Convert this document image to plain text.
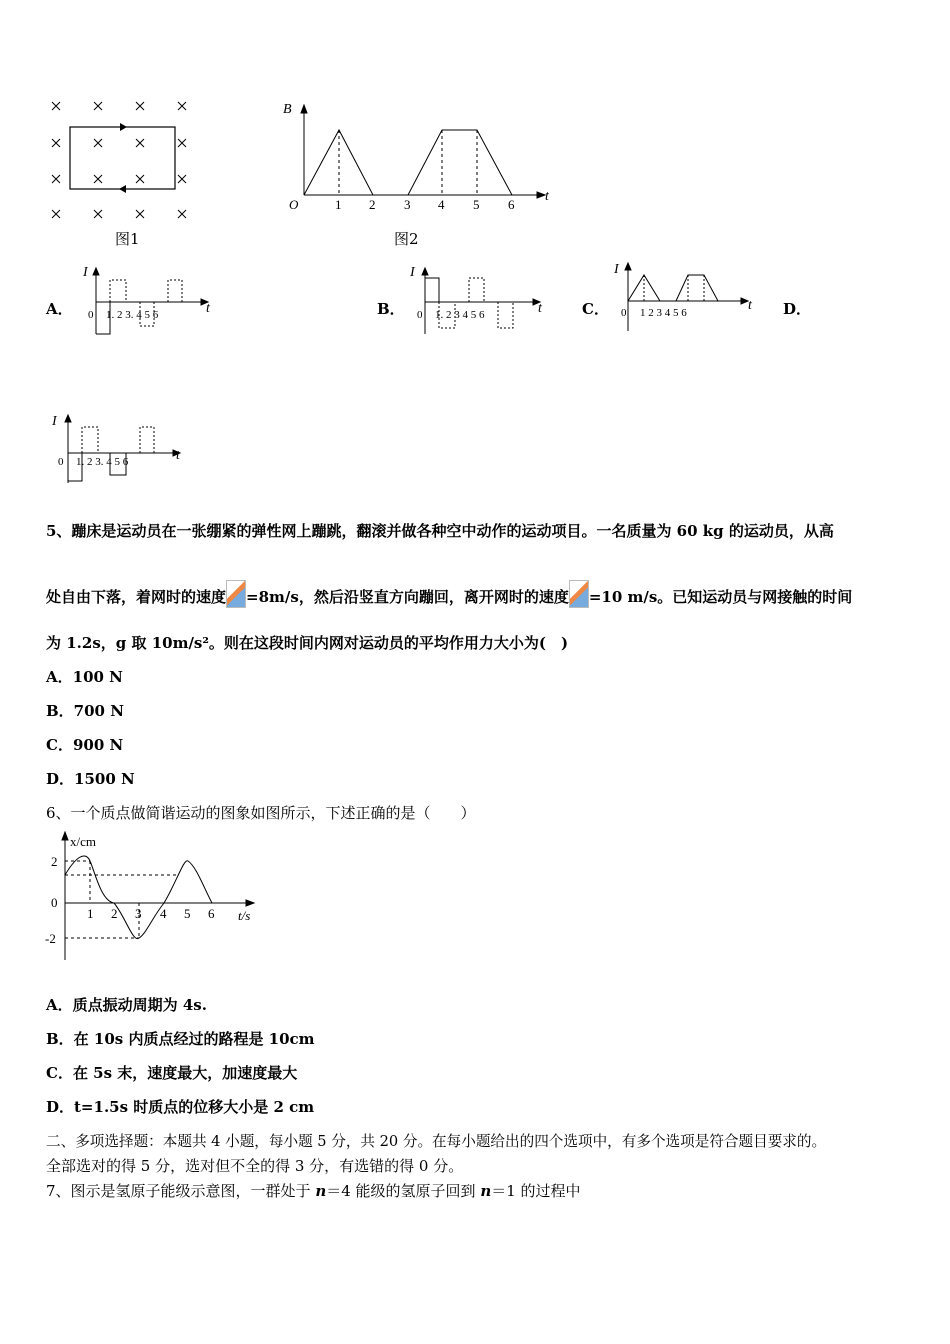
图1
B
t
O	1 2 3 4 5 6
图2
A．
I
t
0 1. 2 3. 4 5 6	B．
I
t
0 1. 2 3 4 5 6	C．
I
t
0 1 2 3 4 5 6	D．
I
t
0 1. 2 3. 4 5 6
5、蹦床是运动员在一张绷紧的弹性网上蹦跳，翻滚并做各种空中动作的运动项目。一名质量为 60 kg 的运动员，从高
处自由下落，着网时的速度 =8m/s，然后沿竖直方向蹦回，离开网时的速度 =10 m/s。已知运动员与网接触的时间
为 1.2s，g 取 10m/s²。则在这段时间内网对运动员的平均作用力大小为(　)
A．100 N
B．700 N
C．900 N
D．1500 N
6、一个质点做简谐运动的图象如图所示，下述正确的是（　　）
x/cm
t/s
2
0
-2
1 2 3 4 5 6
A．质点振动周期为 4s.
B．在 10s 内质点经过的路程是 10cm
C．在 5s 末，速度最大，加速度最大
D．t=1.5s 时质点的位移大小是 2 cm
二、多项选择题：本题共 4 小题，每小题 5 分，共 20 分。在每小题给出的四个选项中，有多个选项是符合题目要求的。
全部选对的得 5 分，选对但不全的得 3 分，有选错的得 0 分。
7、图示是氢原子能级示意图，一群处于 n＝4 能级的氢原子回到 n＝1 的过程中
